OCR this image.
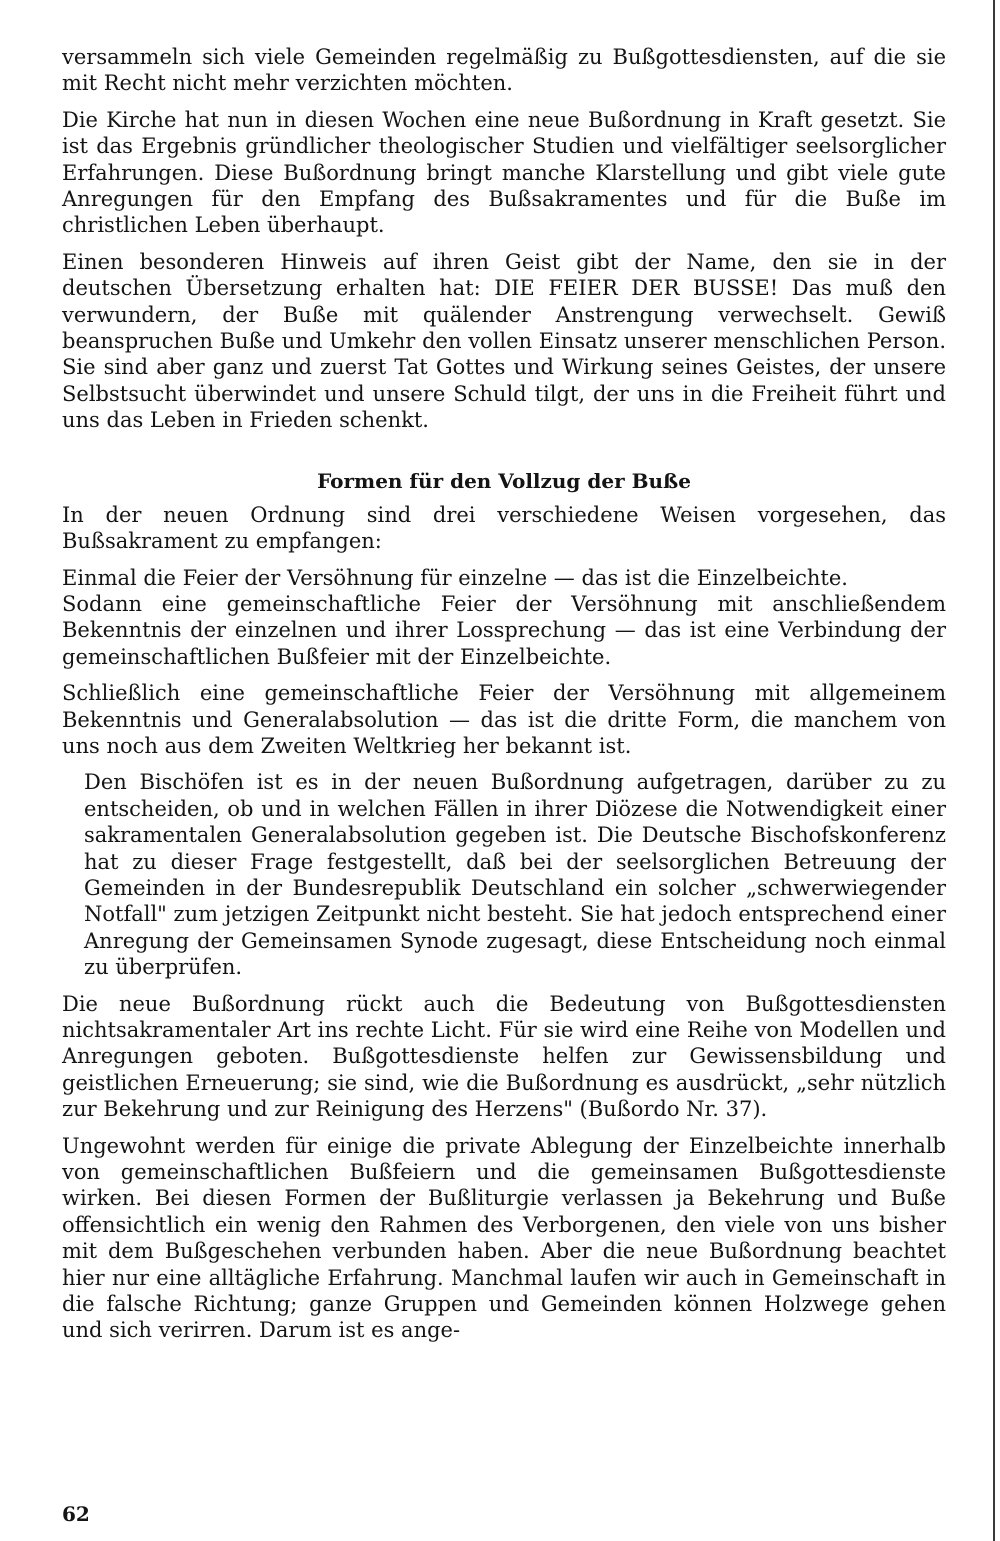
versammeln sich viele Gemeinden regelmäßig zu Bußgottesdiensten, auf die sie mit Recht nicht mehr verzichten möchten.

Die Kirche hat nun in diesen Wochen eine neue Bußordnung in Kraft gesetzt. Sie ist das Ergebnis gründlicher theologischer Studien und vielfältiger seelsorglicher Erfahrungen. Diese Bußordnung bringt manche Klarstellung und gibt viele gute Anregungen für den Empfang des Bußsakramentes und für die Buße im christlichen Leben überhaupt.

Einen besonderen Hinweis auf ihren Geist gibt der Name, den sie in der deutschen Übersetzung erhalten hat: DIE FEIER DER BUSSE! Das muß den verwundern, der Buße mit quälender Anstrengung verwechselt. Gewiß beanspruchen Buße und Umkehr den vollen Einsatz unserer menschlichen Person. Sie sind aber ganz und zuerst Tat Gottes und Wirkung seines Geistes, der unsere Selbstsucht überwindet und unsere Schuld tilgt, der uns in die Freiheit führt und uns das Leben in Frieden schenkt.

Formen für den Vollzug der Buße

In der neuen Ordnung sind drei verschiedene Weisen vorgesehen, das Bußsakrament zu empfangen:

Einmal die Feier der Versöhnung für einzelne — das ist die Einzelbeichte.

Sodann eine gemeinschaftliche Feier der Versöhnung mit anschließendem Bekenntnis der einzelnen und ihrer Lossprechung — das ist eine Verbindung der gemeinschaftlichen Bußfeier mit der Einzelbeichte.

Schließlich eine gemeinschaftliche Feier der Versöhnung mit allgemeinem Bekenntnis und Generalabsolution — das ist die dritte Form, die manchem von uns noch aus dem Zweiten Weltkrieg her bekannt ist.

Den Bischöfen ist es in der neuen Bußordnung aufgetragen, darüber zu zu entscheiden, ob und in welchen Fällen in ihrer Diözese die Notwendigkeit einer sakramentalen Generalabsolution gegeben ist. Die Deutsche Bischofskonferenz hat zu dieser Frage festgestellt, daß bei der seelsorglichen Betreuung der Gemeinden in der Bundesrepublik Deutschland ein solcher „schwerwiegender Notfall" zum jetzigen Zeitpunkt nicht besteht. Sie hat jedoch entsprechend einer Anregung der Gemeinsamen Synode zugesagt, diese Entscheidung noch einmal zu überprüfen.

Die neue Bußordnung rückt auch die Bedeutung von Bußgottesdiensten nichtsakramentaler Art ins rechte Licht. Für sie wird eine Reihe von Modellen und Anregungen geboten. Bußgottesdienste helfen zur Gewissensbildung und geistlichen Erneuerung; sie sind, wie die Bußordnung es ausdrückt, „sehr nützlich zur Bekehrung und zur Reinigung des Herzens" (Bußordo Nr. 37).

Ungewohnt werden für einige die private Ablegung der Einzelbeichte innerhalb von gemeinschaftlichen Bußfeiern und die gemeinsamen Bußgottesdienste wirken. Bei diesen Formen der Bußliturgie verlassen ja Bekehrung und Buße offensichtlich ein wenig den Rahmen des Verborgenen, den viele von uns bisher mit dem Bußgeschehen verbunden haben. Aber die neue Bußordnung beachtet hier nur eine alltägliche Erfahrung. Manchmal laufen wir auch in Gemeinschaft in die falsche Richtung; ganze Gruppen und Gemeinden können Holzwege gehen und sich verirren. Darum ist es ange-

62
